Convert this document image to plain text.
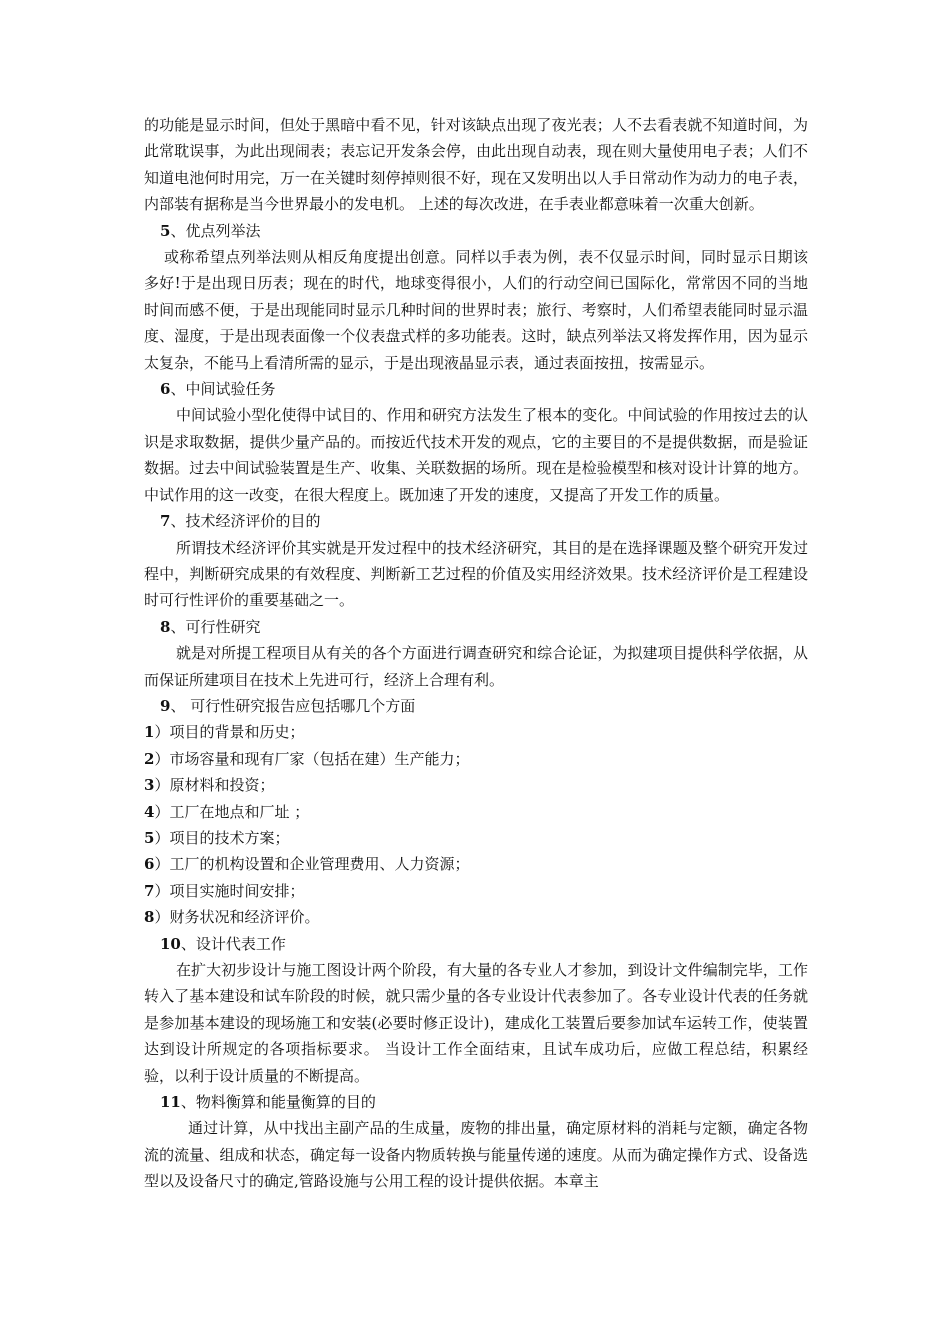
的功能是显示时间，但处于黑暗中看不见，针对该缺点出现了夜光表；人不去看表就不知道时间，为此常耽误事，为此出现闹表；表忘记开发条会停，由此出现自动表，现在则大量使用电子表；人们不知道电池何时用完，万一在关键时刻停掉则很不好，现在又发明出以人手日常动作为动力的电子表，内部装有据称是当今世界最小的发电机。 上述的每次改进，在手表业都意味着一次重大创新。

5、优点列举法

或称希望点列举法则从相反角度提出创意。同样以手表为例，表不仅显示时间，同时显示日期该多好!于是出现日历表；现在的时代，地球变得很小，人们的行动空间已国际化，常常因不同的当地时间而感不便，于是出现能同时显示几种时间的世界时表；旅行、考察时，人们希望表能同时显示温度、湿度，于是出现表面像一个仪表盘式样的多功能表。这时，缺点列举法又将发挥作用，因为显示太复杂，不能马上看清所需的显示，于是出现液晶显示表，通过表面按扭，按需显示。

6、中间试验任务

中间试验小型化使得中试目的、作用和研究方法发生了根本的变化。中间试验的作用按过去的认识是求取数据，提供少量产品的。而按近代技术开发的观点，它的主要目的不是提供数据，而是验证数据。过去中间试验装置是生产、收集、关联数据的场所。现在是检验模型和核对设计计算的地方。中试作用的这一改变，在很大程度上。既加速了开发的速度，又提高了开发工作的质量。

7、技术经济评价的目的

所谓技术经济评价其实就是开发过程中的技术经济研究，其目的是在选择课题及整个研究开发过程中，判断研究成果的有效程度、判断新工艺过程的价值及实用经济效果。技术经济评价是工程建设时可行性评价的重要基础之一。

8、可行性研究

就是对所提工程项目从有关的各个方面进行调查研究和综合论证，为拟建项目提供科学依据，从而保证所建项目在技术上先进可行，经济上合理有利。

9、 可行性研究报告应包括哪几个方面
1）项目的背景和历史；
2）市场容量和现有厂家（包括在建）生产能力；
3）原材料和投资；
4）工厂在地点和厂址 ；
5）项目的技术方案；
6）工厂的机构设置和企业管理费用、人力资源；
7）项目实施时间安排；
8）财务状况和经济评价。
10、设计代表工作

在扩大初步设计与施工图设计两个阶段，有大量的各专业人才参加，到设计文件编制完毕，工作转入了基本建设和试车阶段的时候，就只需少量的各专业设计代表参加了。各专业设计代表的任务就是参加基本建设的现场施工和安装(必要时修正设计)，建成化工装置后要参加试车运转工作，使装置达到设计所规定的各项指标要求。 当设计工作全面结束，且试车成功后，应做工程总结，积累经验，以利于设计质量的不断提高。

11、物料衡算和能量衡算的目的

通过计算，从中找出主副产品的生成量，废物的排出量，确定原材料的消耗与定额，确定各物流的流量、组成和状态，确定每一设备内物质转换与能量传递的速度。从而为确定操作方式、设备选型以及设备尺寸的确定,管路设施与公用工程的设计提供依据。本章主
